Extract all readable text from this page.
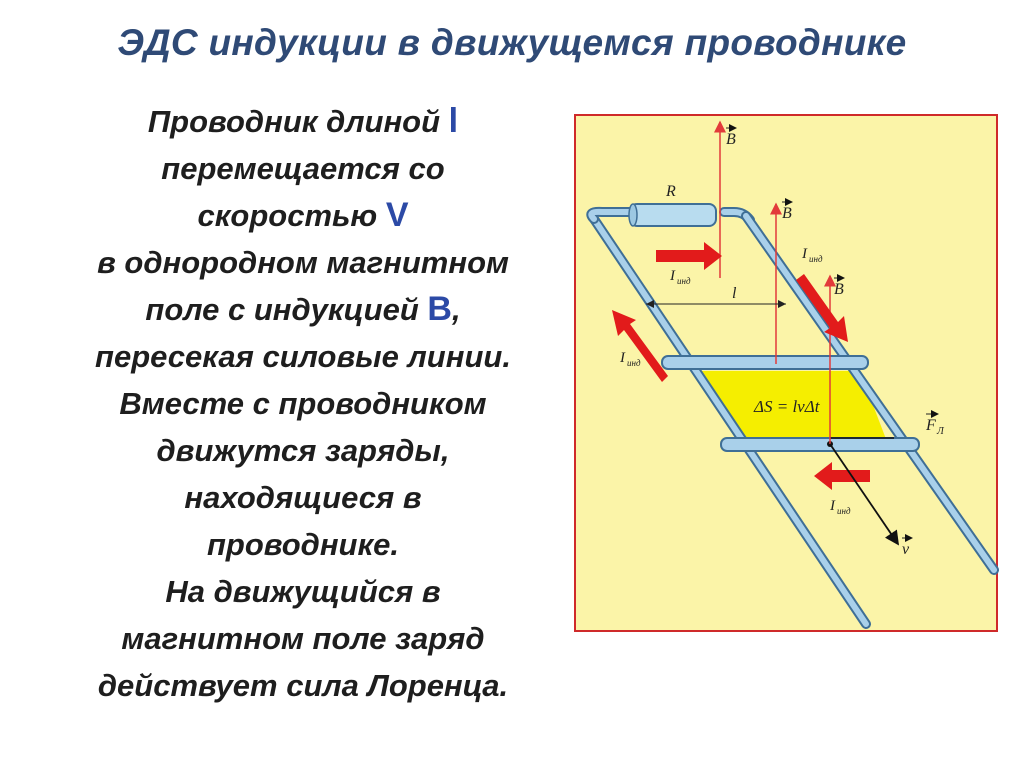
ЭДС индукции в движущемся проводнике
Проводник длиной l
перемещается со
скоростью V
в однородном магнитном
поле с индукцией B,
пересекая силовые линии.
Вместе с проводником
движутся заряды,
находящиеся в
проводнике.
На движущийся в
магнитном поле заряд
действует сила Лоренца.
R
B
B
B
l
ΔS = lvΔt
I инд
I инд
I инд
I инд
F Л
v
